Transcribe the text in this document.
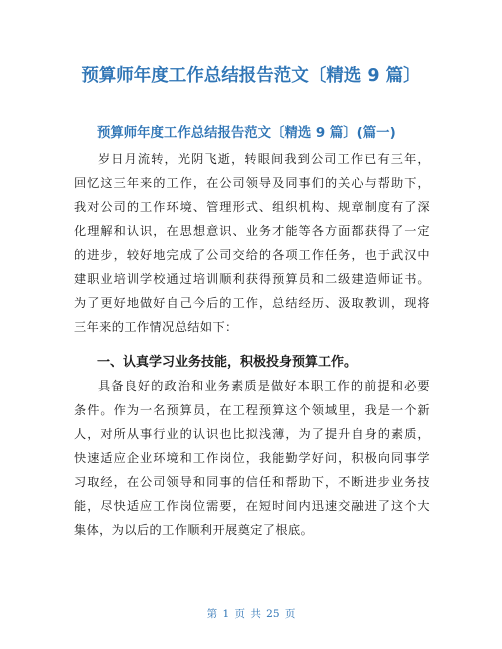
预算师年度工作总结报告范文〔精选 9 篇〕
预算师年度工作总结报告范文〔精选 9 篇〕(篇一)
岁日月流转，光阴飞逝，转眼间我到公司工作已有三年，
回忆这三年来的工作，在公司领导及同事们的关心与帮助下，
我对公司的工作环境、管理形式、组织机构、规章制度有了深
化理解和认识，在思想意识、业务才能等各方面都获得了一定
的进步，较好地完成了公司交给的各项工作任务，也于武汉中
建职业培训学校通过培训顺利获得预算员和二级建造师证书。
为了更好地做好自己今后的工作，总结经历、汲取教训，现将
三年来的工作情况总结如下：
一、认真学习业务技能，积极投身预算工作。
具备良好的政治和业务素质是做好本职工作的前提和必要
条件。作为一名预算员，在工程预算这个领域里，我是一个新
人，对所从事行业的认识也比拟浅薄，为了提升自身的素质，
快速适应企业环境和工作岗位，我能勤学好问，积极向同事学
习取经，在公司领导和同事的信任和帮助下，不断进步业务技
能，尽快适应工作岗位需要，在短时间内迅速交融进了这个大
集体，为以后的工作顺利开展奠定了根底。
第 1 页 共 25 页
